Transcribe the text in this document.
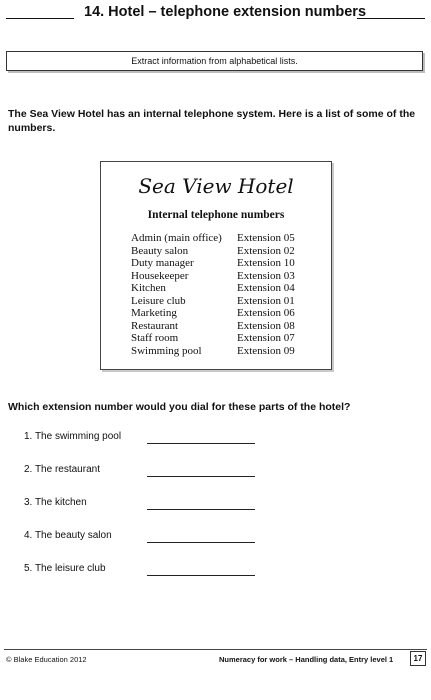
14. Hotel – telephone extension numbers
Extract information from alphabetical lists.
The Sea View Hotel has an internal telephone system. Here is a list of some of the numbers.
Sea View Hotel
Internal telephone numbers
Admin (main office)	Extension 05
Beauty salon	Extension 02
Duty manager	Extension 10
Housekeeper	Extension 03
Kitchen	Extension 04
Leisure club	Extension 01
Marketing	Extension 06
Restaurant	Extension 08
Staff room	Extension 07
Swimming pool	Extension 09
Which extension number would you dial for these parts of the hotel?
1. The swimming pool
2. The restaurant
3. The kitchen
4. The beauty salon
5. The leisure club
© Blake Education 2012	Numeracy for work – Handling data, Entry level 1	17
